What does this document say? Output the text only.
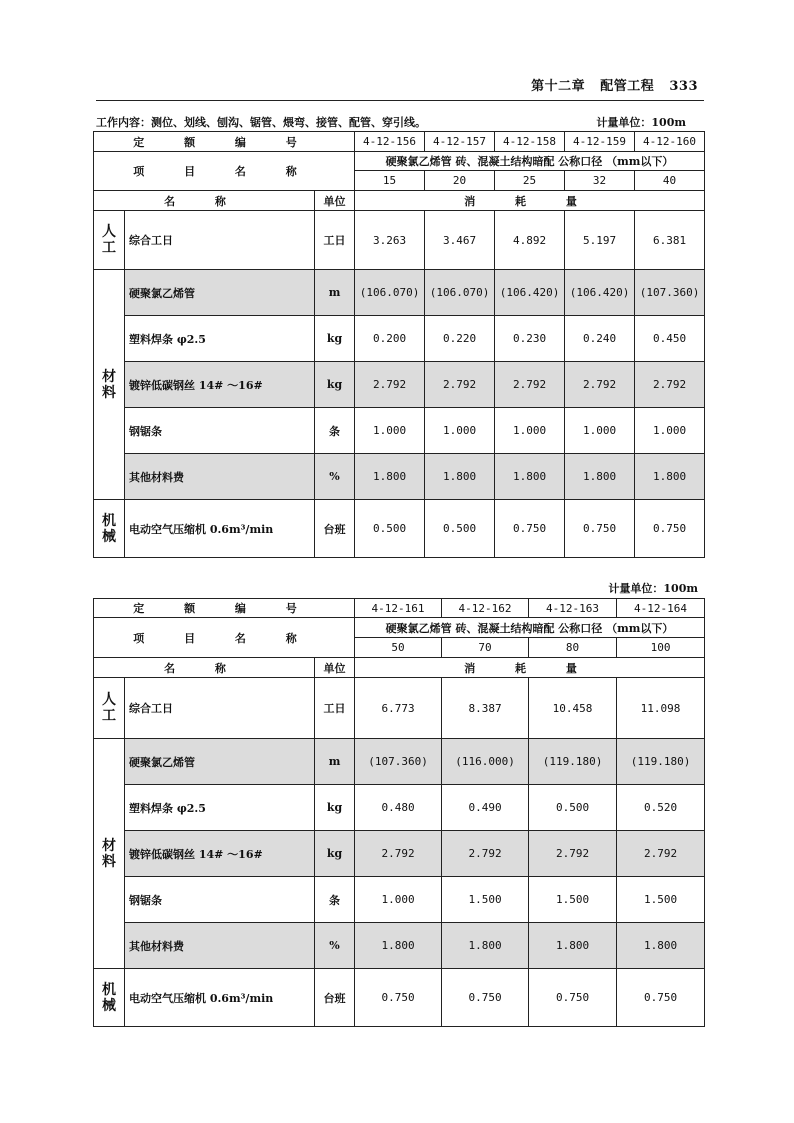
第十二章 配管工程 333
工作内容：测位、划线、刨沟、锯管、煨弯、接管、配管、穿引线。	计量单位：100m
定 额 编 号			4-12-156	4-12-157	4-12-158	4-12-159	4-12-160
项 目 名 称			硬聚氯乙烯管 砖、混凝土结构暗配 公称口径 （mm以下）				
			15	20	25	32	40
名 称		单位	消 耗 量				

人
工	综合工日	工日	3.263	3.467	4.892	5.197	6.381

材
料	硬聚氯乙烯管	m	(106.070)	(106.070)	(106.420)	(106.420)	(107.360)
	塑料焊条 φ2.5	kg	0.200	0.220	0.230	0.240	0.450
	镀锌低碳钢丝 14# ～16#	kg	2.792	2.792	2.792	2.792	2.792
	钢锯条	条	1.000	1.000	1.000	1.000	1.000
	其他材料费	%	1.800	1.800	1.800	1.800	1.800

机
械	电动空气压缩机 0.6m³/min	台班	0.500	0.500	0.750	0.750	0.750
计量单位：100m
定 额 编 号			4-12-161	4-12-162	4-12-163	4-12-164
项 目 名 称			硬聚氯乙烯管 砖、混凝土结构暗配 公称口径 （mm以下）			
			50	70	80	100
名 称		单位	消 耗 量			

人
工	综合工日	工日	6.773	8.387	10.458	11.098

材
料	硬聚氯乙烯管	m	(107.360)	(116.000)	(119.180)	(119.180)
	塑料焊条 φ2.5	kg	0.480	0.490	0.500	0.520
	镀锌低碳钢丝 14# ～16#	kg	2.792	2.792	2.792	2.792
	钢锯条	条	1.000	1.500	1.500	1.500
	其他材料费	%	1.800	1.800	1.800	1.800

机
械	电动空气压缩机 0.6m³/min	台班	0.750	0.750	0.750	0.750
